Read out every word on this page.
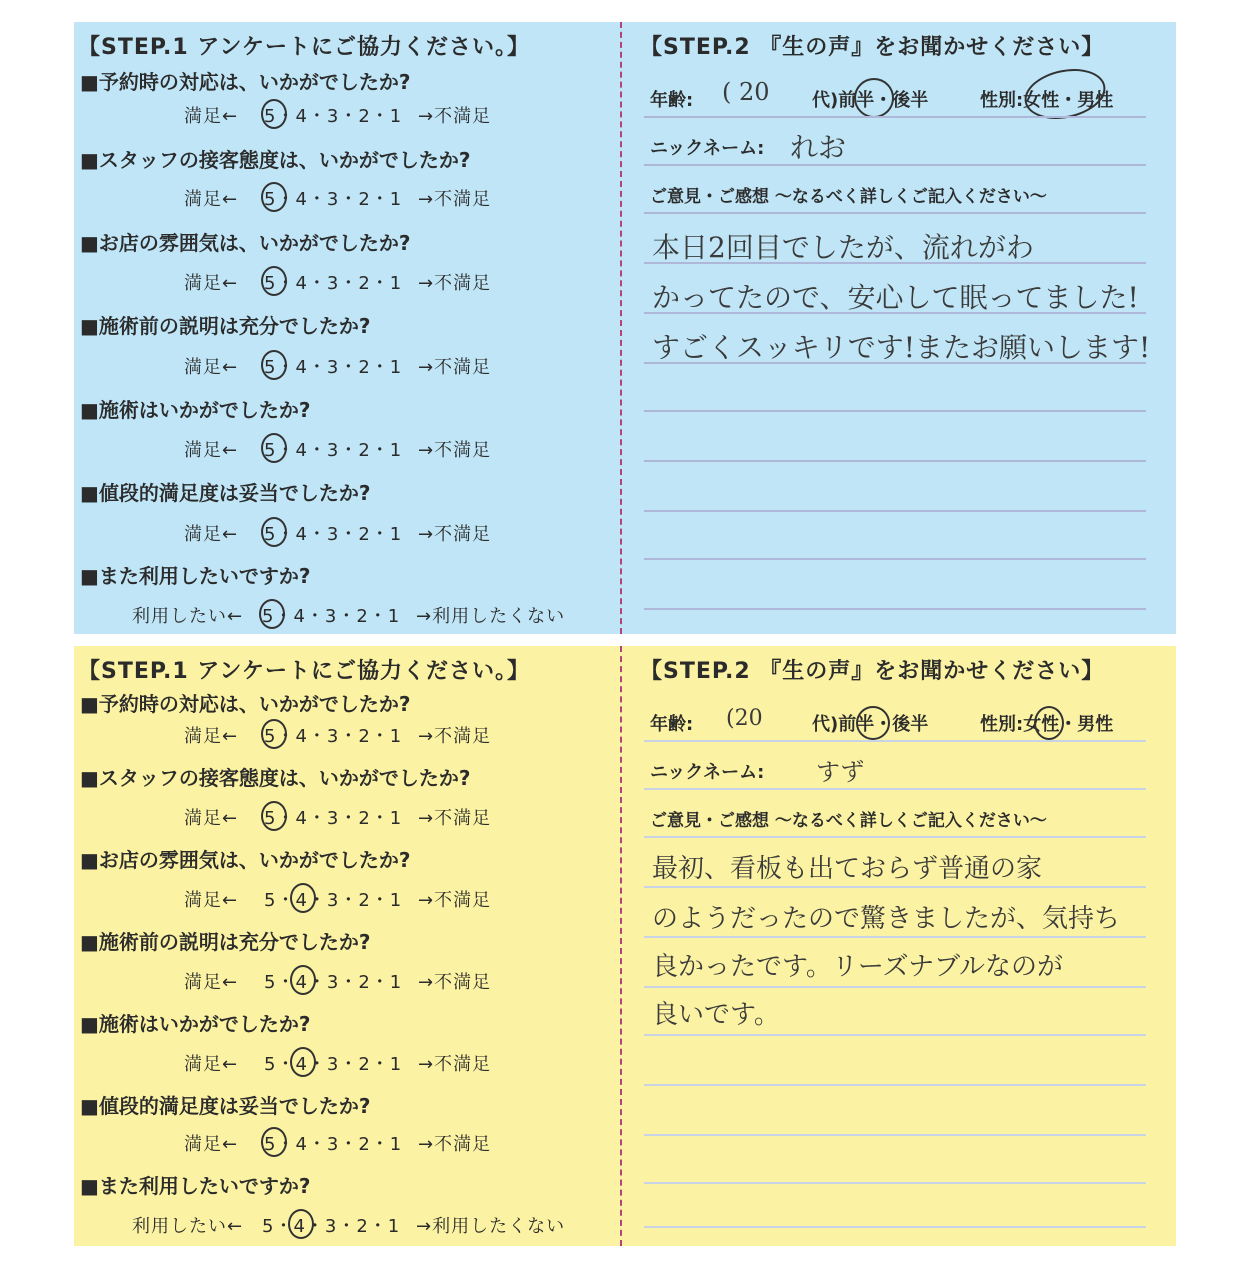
【STEP.1 アンケートにご協力ください。】
■予約時の対応は、いかがでしたか?
満足← 5・4・3・2・1 →不満足
■スタッフの接客態度は、いかがでしたか?
満足← 5・4・3・2・1 →不満足
■お店の雰囲気は、いかがでしたか?
満足← 5・4・3・2・1 →不満足
■施術前の説明は充分でしたか?
満足← 5・4・3・2・1 →不満足
■施術はいかがでしたか?
満足← 5・4・3・2・1 →不満足
■値段的満足度は妥当でしたか?
満足← 5・4・3・2・1 →不満足
■また利用したいですか?
利用したい← 5・4・3・2・1 →利用したくない
【STEP.2 『生の声』をお聞かせください】
年齢: ( 20 代)前半・後半	性別:女性・男性
ニックネーム: れお
ご意見・ご感想 〜なるべく詳しくご記入ください〜
本日2回目でしたが、流れがわ
かってたので、安心して眠ってました!
すごくスッキリです!またお願いします!
【STEP.1 アンケートにご協力ください。】
■予約時の対応は、いかがでしたか?
満足← 5・4・3・2・1 →不満足
■スタッフの接客態度は、いかがでしたか?
満足← 5・4・3・2・1 →不満足
■お店の雰囲気は、いかがでしたか?
満足← 5・4・3・2・1 →不満足
■施術前の説明は充分でしたか?
満足← 5・4・3・2・1 →不満足
■施術はいかがでしたか?
満足← 5・4・3・2・1 →不満足
■値段的満足度は妥当でしたか?
満足← 5・4・3・2・1 →不満足
■また利用したいですか?
利用したい← 5・4・3・2・1 →利用したくない
【STEP.2 『生の声』をお聞かせください】
年齢: (20	代)前半・後半	性別:女性・男性
ニックネーム: すず
ご意見・ご感想 〜なるべく詳しくご記入ください〜
最初、看板も出ておらず普通の家
のようだったので驚きましたが、気持ち
良かったです。リーズナブルなのが
良いです。
